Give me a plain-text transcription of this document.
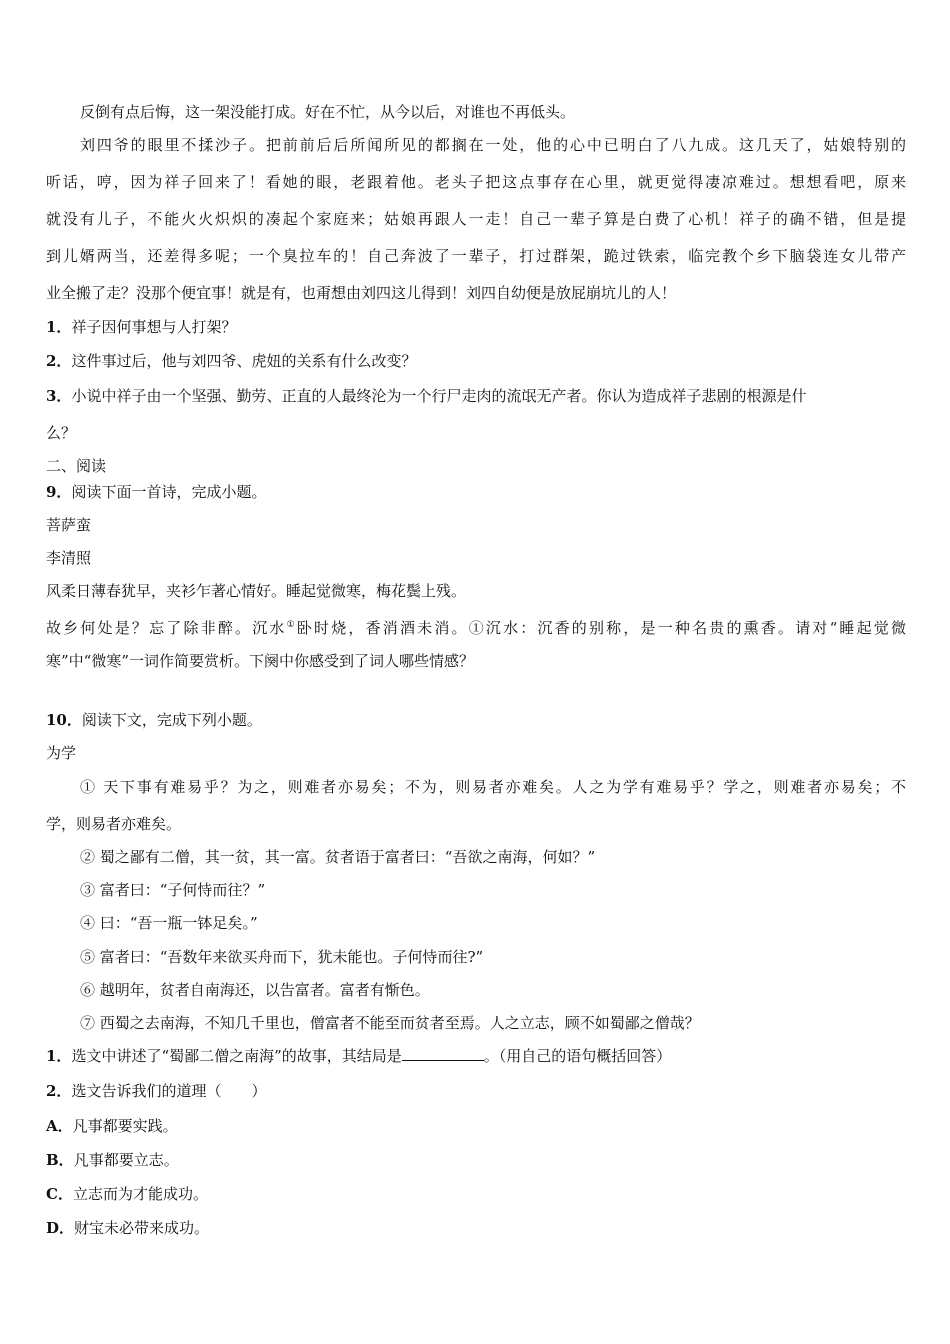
反倒有点后悔，这一架没能打成。好在不忙，从今以后，对谁也不再低头。
刘四爷的眼里不揉沙子。把前前后后所闻所见的都搁在一处，他的心中已明白了八九成。这几天了，姑娘特别的
听话，哼，因为祥子回来了！看她的眼，老跟着他。老头子把这点事存在心里，就更觉得凄凉难过。想想看吧，原来
就没有儿子，不能火火炽炽的凑起个家庭来；姑娘再跟人一走！自己一辈子算是白费了心机！祥子的确不错，但是提
到儿婿两当，还差得多呢；一个臭拉车的！自己奔波了一辈子，打过群架，跪过铁索，临完教个乡下脑袋连女儿带产
业全搬了走？没那个便宜事！就是有，也甭想由刘四这儿得到！刘四自幼便是放屁崩坑儿的人！
1．祥子因何事想与人打架？
2．这件事过后，他与刘四爷、虎妞的关系有什么改变？
3．小说中祥子由一个坚强、勤劳、正直的人最终沦为一个行尸走肉的流氓无产者。你认为造成祥子悲剧的根源是什
么？
二、阅读
9．阅读下面一首诗，完成小题。
菩萨蛮
李清照
风柔日薄春犹早，夹衫乍著心情好。睡起觉微寒，梅花鬓上残。
故乡何处是？忘了除非醉。沉水①卧时烧，香消酒未消。①沉水：沉香的别称，是一种名贵的熏香。请对“睡起觉微
寒”中“微寒”一词作简要赏析。下阕中你感受到了词人哪些情感？
10．阅读下文，完成下列小题。
为学
① 天下事有难易乎？为之，则难者亦易矣；不为，则易者亦难矣。人之为学有难易乎？学之，则难者亦易矣；不
学，则易者亦难矣。
② 蜀之鄙有二僧，其一贫，其一富。贫者语于富者曰：“吾欲之南海，何如？”
③ 富者曰：“子何恃而往？”
④ 曰：“吾一瓶一钵足矣。”
⑤ 富者曰：“吾数年来欲买舟而下，犹未能也。子何恃而往?”
⑥ 越明年，贫者自南海还，以告富者。富者有惭色。
⑦ 西蜀之去南海，不知几千里也，僧富者不能至而贫者至焉。人之立志，顾不如蜀鄙之僧哉？
1．选文中讲述了“蜀鄙二僧之南海”的故事，其结局是	。（用自己的语句概括回答）
2．选文告诉我们的道理（　　）
A．凡事都要实践。
B．凡事都要立志。
C．立志而为才能成功。
D．财宝未必带来成功。
